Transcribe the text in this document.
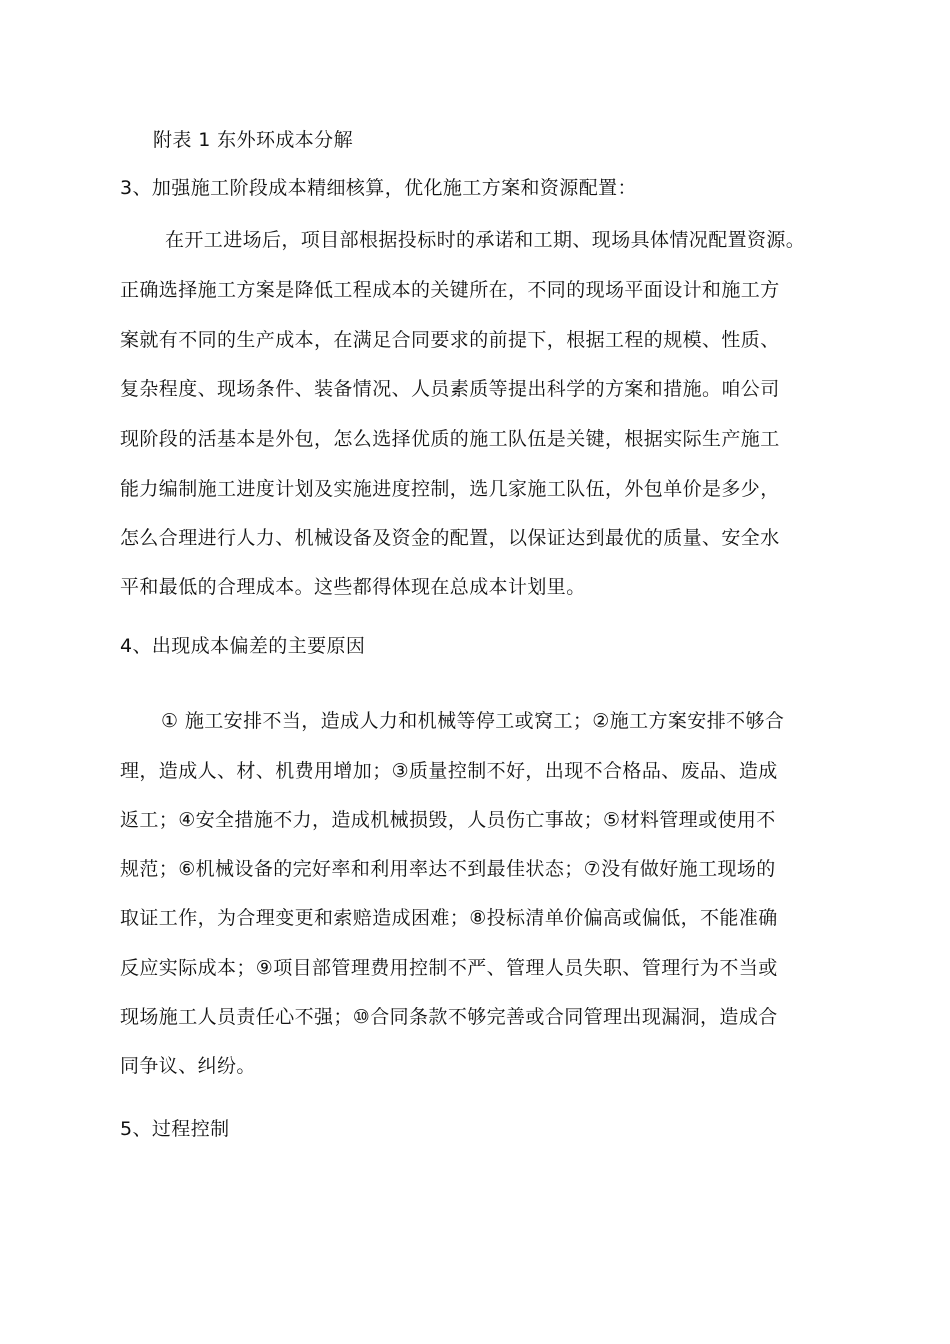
附表 1 东外环成本分解
3、加强施工阶段成本精细核算，优化施工方案和资源配置：
在开工进场后，项目部根据投标时的承诺和工期、现场具体情况配置资源。
正确选择施工方案是降低工程成本的关键所在，不同的现场平面设计和施工方
案就有不同的生产成本，在满足合同要求的前提下，根据工程的规模、性质、
复杂程度、现场条件、装备情况、人员素质等提出科学的方案和措施。咱公司
现阶段的活基本是外包，怎么选择优质的施工队伍是关键，根据实际生产施工
能力编制施工进度计划及实施进度控制，选几家施工队伍，外包单价是多少，
怎么合理进行人力、机械设备及资金的配置，以保证达到最优的质量、安全水
平和最低的合理成本。这些都得体现在总成本计划里。
4、出现成本偏差的主要原因
① 施工安排不当，造成人力和机械等停工或窝工；②施工方案安排不够合
理，造成人、材、机费用增加；③质量控制不好，出现不合格品、废品、造成
返工；④安全措施不力，造成机械损毁，人员伤亡事故；⑤材料管理或使用不
规范；⑥机械设备的完好率和利用率达不到最佳状态；⑦没有做好施工现场的
取证工作，为合理变更和索赔造成困难；⑧投标清单价偏高或偏低，不能准确
反应实际成本；⑨项目部管理费用控制不严、管理人员失职、管理行为不当或
现场施工人员责任心不强；⑩合同条款不够完善或合同管理出现漏洞，造成合
同争议、纠纷。
5、过程控制
